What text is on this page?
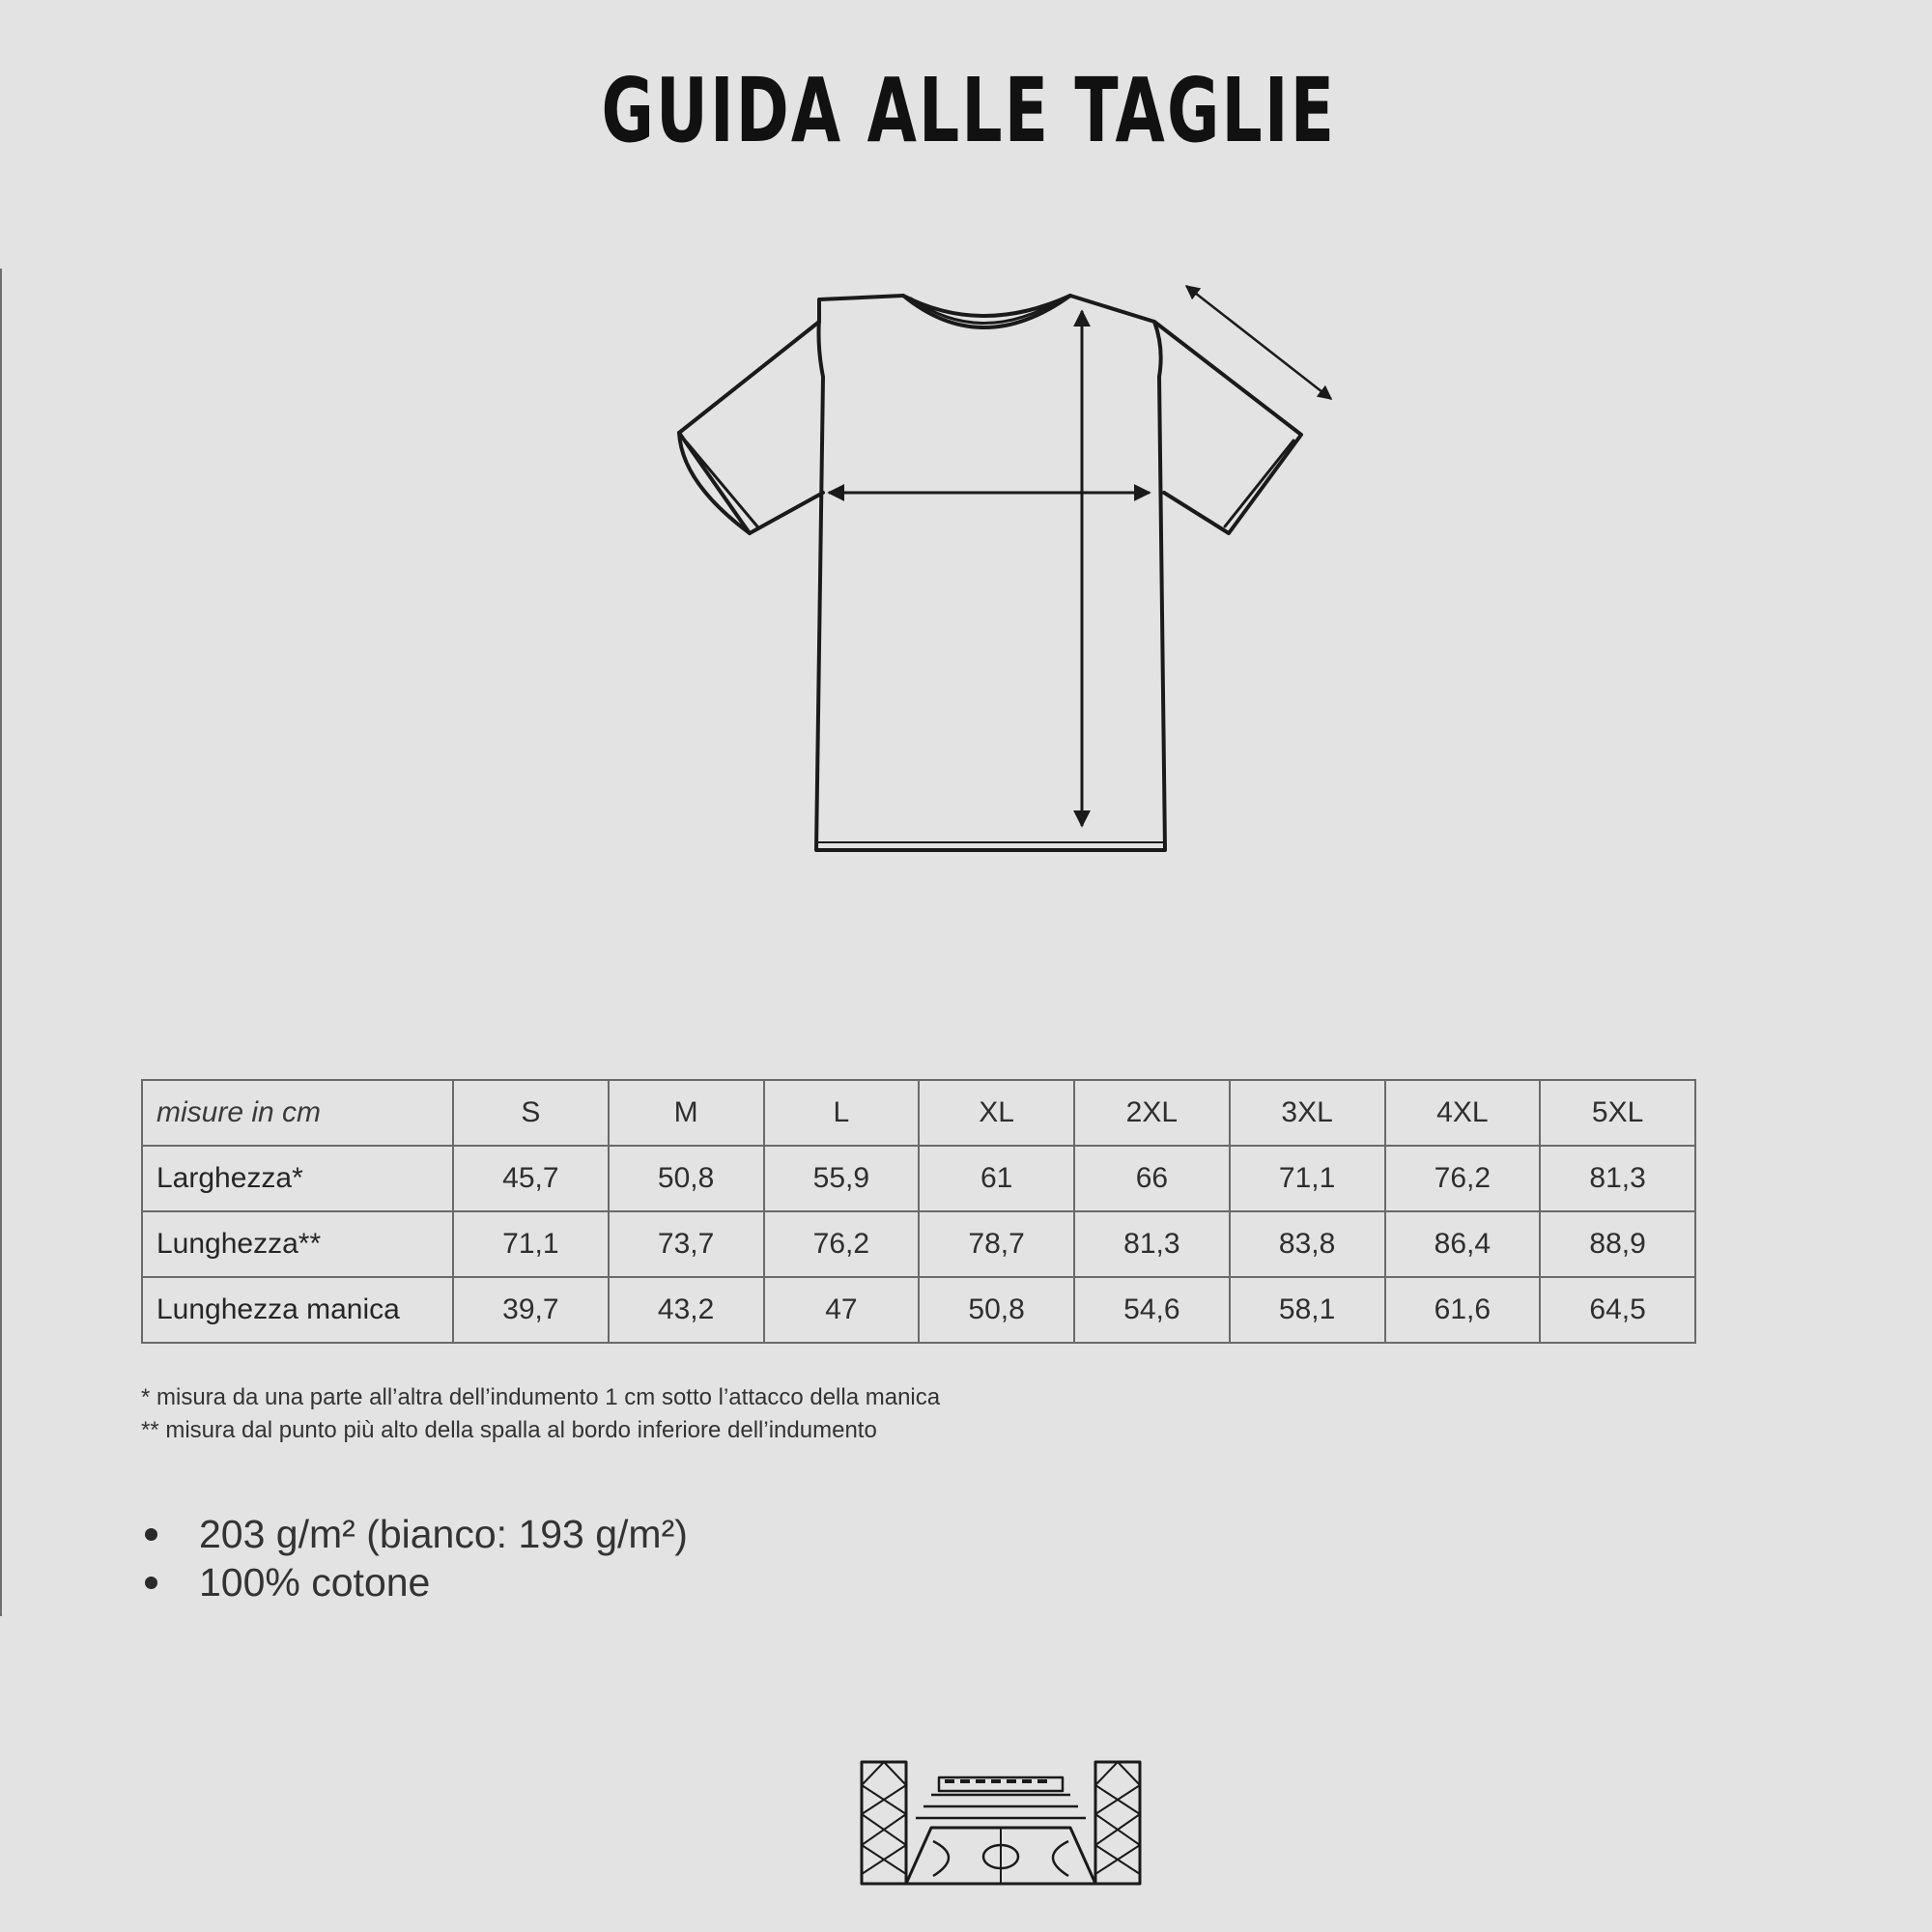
GUIDA ALLE TAGLIE
misure in cm	S	M	L	XL	2XL	3XL	4XL	5XL
Larghezza*	45,7	50,8	55,9	61	66	71,1	76,2	81,3
Lunghezza**	71,1	73,7	76,2	78,7	81,3	83,8	86,4	88,9
Lunghezza manica	39,7	43,2	47	50,8	54,6	58,1	61,6	64,5
* misura da una parte all’altra dell’indumento 1 cm sotto l’attacco della manica
** misura dal punto più alto della spalla al bordo inferiore dell’indumento
203 g/m² (bianco: 193 g/m²)
100% cotone
